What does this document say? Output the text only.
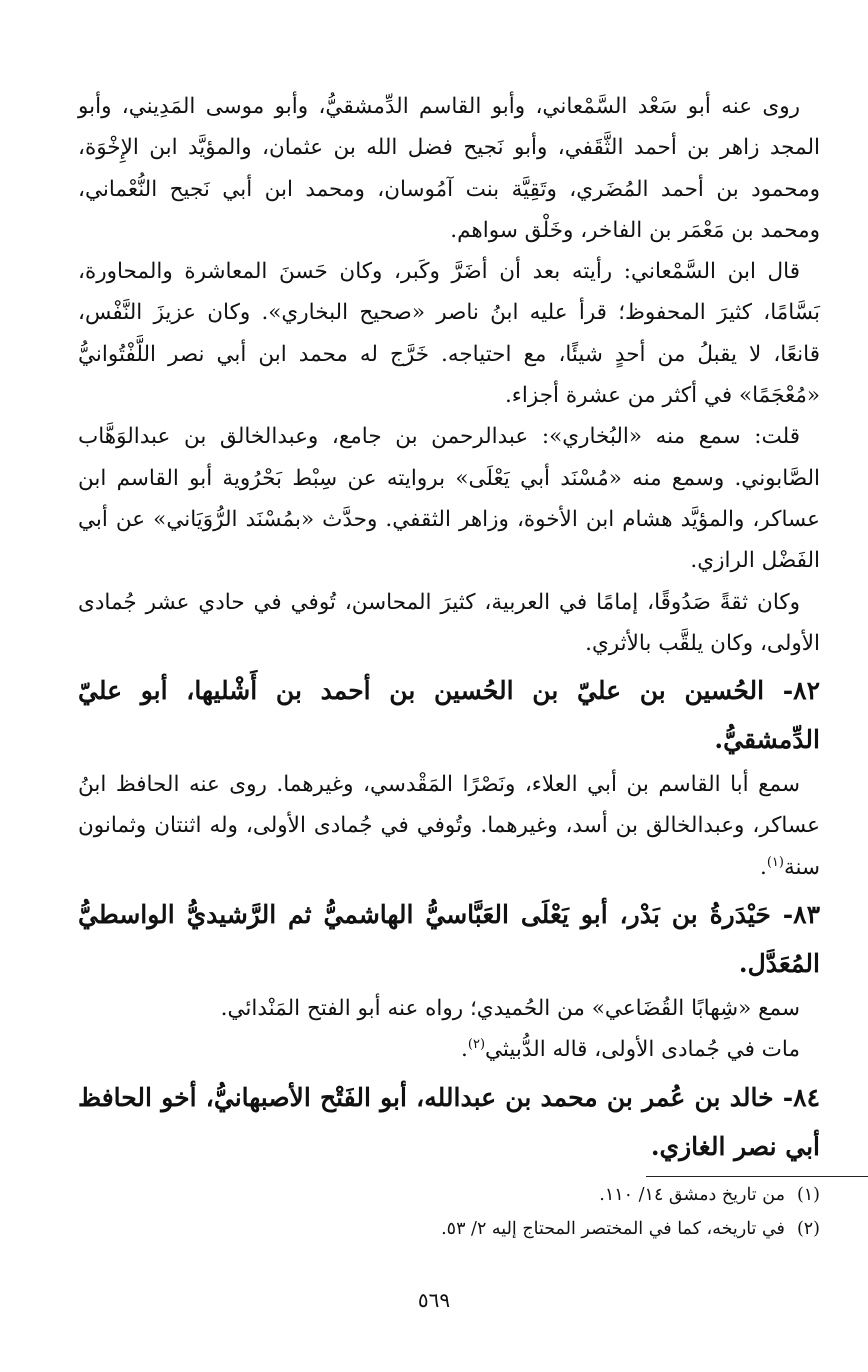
روى عنه أبو سَعْد السَّمْعاني، وأبو القاسم الدِّمشقيُّ، وأبو موسى المَدِيني، وأبو المجد زاهر بن أحمد الثَّقَفي، وأبو نَجيح فضل الله بن عثمان، والمؤيَّد ابن الإِخْوَة، ومحمود بن أحمد المُضَري، وتَقِيَّة بنت آمُوسان، ومحمد ابن أبي نَجيح النُّعْماني، ومحمد بن مَعْمَر بن الفاخر، وخَلْق سواهم.

قال ابن السَّمْعاني: رأيته بعد أن أضَرَّ وكَبر، وكان حَسنَ المعاشرة والمحاورة، بَسَّامًا، كثيرَ المحفوظ؛ قرأ عليه ابنُ ناصر «صحيح البخاري». وكان عزيزَ النَّفْس، قانعًا، لا يقبلُ من أحدٍ شيئًا، مع احتياجه. خَرَّج له محمد ابن أبي نصر اللَّفْتُوانيُّ «مُعْجَمًا» في أكثر من عشرة أجزاء.

قلت: سمع منه «البُخاري»: عبدالرحمن بن جامع، وعبدالخالق بن عبدالوَهَّاب الصَّابوني. وسمع منه «مُسْنَد أبي يَعْلَى» بروايته عن سِبْط بَحْرُوية أبو القاسم ابن عساكر، والمؤيَّد هشام ابن الأخوة، وزاهر الثقفي. وحدَّث «بمُسْنَد الرُّوَيَاني» عن أبي الفَضْل الرازي.

وكان ثقةً صَدُوقًا، إمامًا في العربية، كثيرَ المحاسن، تُوفي في حادي عشر جُمادى الأولى، وكان يلقَّب بالأثري.

٨٢- الحُسين بن عليّ بن الحُسين بن أحمد بن أَشْليها، أبو عليّ الدِّمشقيُّ.

سمع أبا القاسم بن أبي العلاء، ونَصْرًا المَقْدسي، وغيرهما. روى عنه الحافظ ابنُ عساكر، وعبدالخالق بن أسد، وغيرهما. وتُوفي في جُمادى الأولى، وله اثنتان وثمانون سنة$^{(١)}$.

٨٣- حَيْدَرةُ بن بَدْر، أبو يَعْلَى العَبَّاسيُّ الهاشميُّ ثم الرَّشيديُّ الواسطيُّ المُعَدَّل.

سمع «شِهابًا القُضَاعي» من الحُميدي؛ رواه عنه أبو الفتح المَنْدائي.

مات في جُمادى الأولى، قاله الدُّبيثي$^{(٢)}$.

٨٤- خالد بن عُمر بن محمد بن عبدالله، أبو الفَتْح الأصبهانيُّ، أخو الحافظ أبي نصر الغازي.

(١)من تاريخ دمشق ١٤/ ١١٠.

(٢)في تاريخه، كما في المختصر المحتاج إليه ٢/ ٥٣.

٥٦٩
